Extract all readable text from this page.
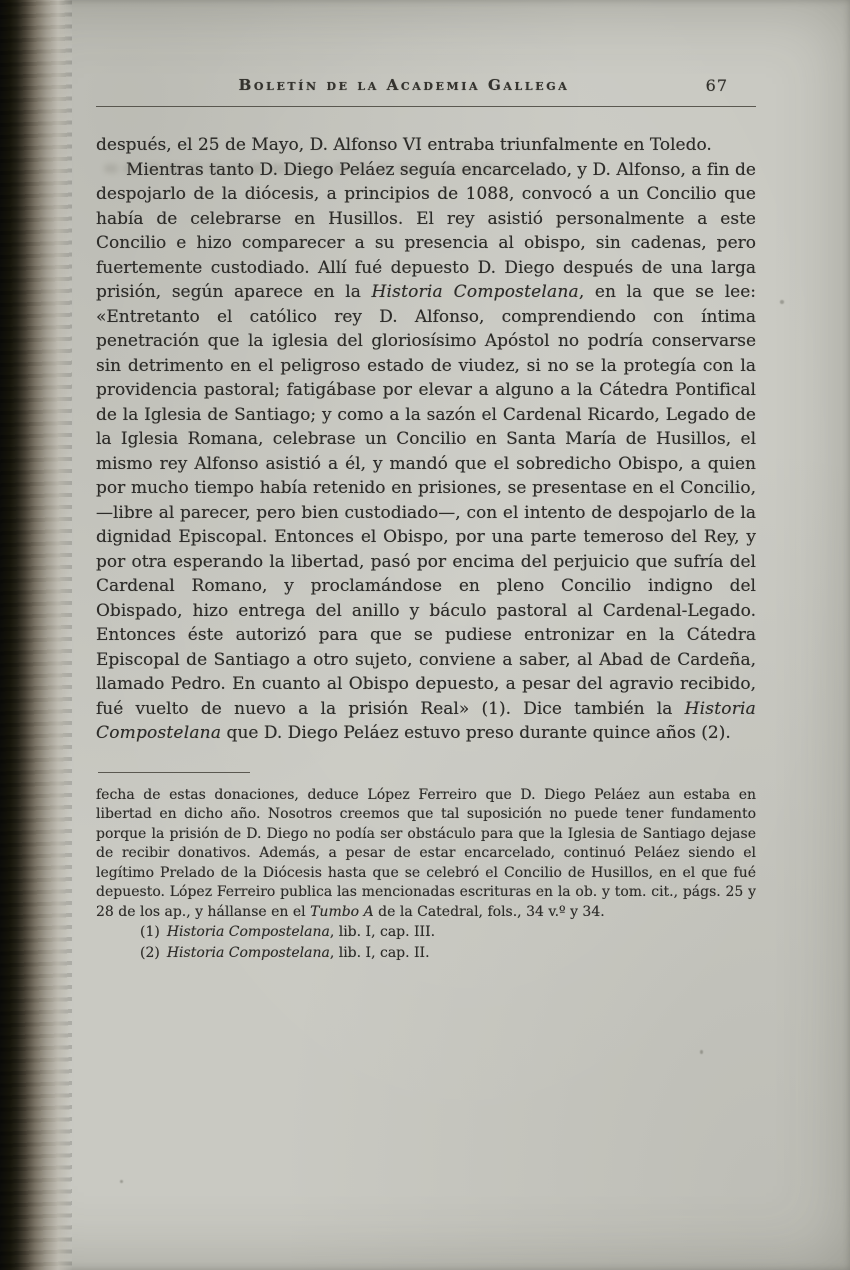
Boletín de la Academia Gallega	67

después, el 25 de Mayo, D. Alfonso VI entraba triunfalmente en Toledo.

Mientras tanto D. Diego Peláez seguía encarcelado, y D. Alfonso, a fin de despojarlo de la diócesis, a principios de 1088, convocó a un Concilio que había de celebrarse en Husillos. El rey asistió personalmente a este Concilio e hizo comparecer a su presencia al obispo, sin cadenas, pero fuertemente custodiado. Allí fué depuesto D. Diego después de una larga prisión, según aparece en la Historia Compostelana, en la que se lee: «Entretanto el católico rey D. Alfonso, comprendiendo con íntima penetración que la iglesia del gloriosísimo Apóstol no podría conservarse sin detrimento en el peligroso estado de viudez, si no se la protegía con la providencia pastoral; fatigábase por elevar a alguno a la Cátedra Pontifical de la Iglesia de Santiago; y como a la sazón el Cardenal Ricardo, Legado de la Iglesia Romana, celebrase un Concilio en Santa María de Husillos, el mismo rey Alfonso asistió a él, y mandó que el sobredicho Obispo, a quien por mucho tiempo había retenido en prisiones, se presentase en el Concilio, —libre al parecer, pero bien custodiado—, con el intento de despojarlo de la dignidad Episcopal. Entonces el Obispo, por una parte temeroso del Rey, y por otra esperando la libertad, pasó por encima del perjuicio que sufría del Cardenal Romano, y proclamándose en pleno Concilio indigno del Obispado, hizo entrega del anillo y báculo pastoral al Cardenal-Legado. Entonces éste autorizó para que se pudiese entronizar en la Cátedra Episcopal de Santiago a otro sujeto, conviene a saber, al Abad de Cardeña, llamado Pedro. En cuanto al Obispo depuesto, a pesar del agravio recibido, fué vuelto de nuevo a la prisión Real» (1). Dice también la Historia Compostelana que D. Diego Peláez estuvo preso durante quince años (2).

fecha de estas donaciones, deduce López Ferreiro que D. Diego Peláez aun estaba en libertad en dicho año. Nosotros creemos que tal suposición no puede tener fundamento porque la prisión de D. Diego no podía ser obstáculo para que la Iglesia de Santiago dejase de recibir donativos. Además, a pesar de estar encarcelado, continuó Peláez siendo el legítimo Prelado de la Diócesis hasta que se celebró el Concilio de Husillos, en el que fué depuesto. López Ferreiro publica las mencionadas escrituras en la ob. y tom. cit., págs. 25 y 28 de los ap., y hállanse en el Tumbo A de la Catedral, fols., 34 v.º y 34.

(1) Historia Compostelana, lib. I, cap. III.

(2) Historia Compostelana, lib. I, cap. II.
